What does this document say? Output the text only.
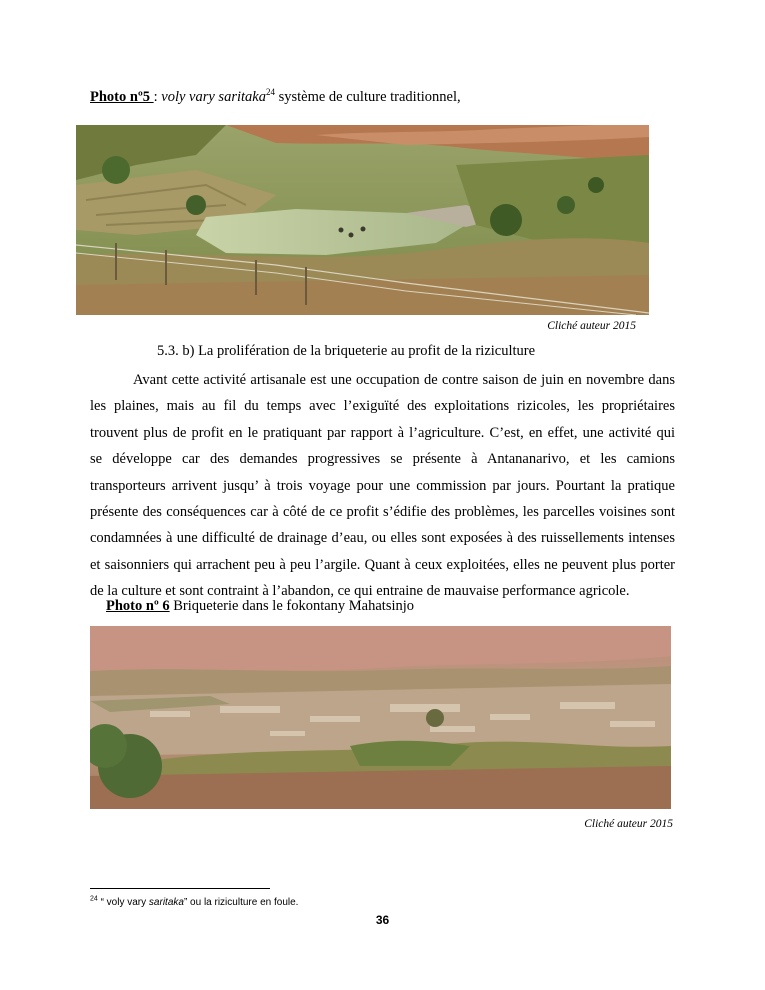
Photo nº5 : voly vary saritaka$^{24}$ système de culture traditionnel,
Cliché auteur 2015
5.3. b) La prolifération de la briqueterie au profit de la riziculture
Avant cette activité artisanale est une occupation de contre saison de juin en novembre dans
les plaines, mais au fil du temps avec l’exiguïté des exploitations rizicoles, les propriétaires
trouvent plus de profit en le pratiquant par rapport à l’agriculture. C’est, en effet, une activité qui
se développe car des demandes progressives se présente à Antananarivo, et les camions
transporteurs arrivent jusqu’ à trois voyage pour une commission par jours. Pourtant la pratique
présente des conséquences car à côté de ce profit s’édifie des problèmes, les parcelles voisines sont
condamnées à une difficulté de drainage d’eau, ou elles sont exposées à des ruissellements intenses
et saisonniers qui arrachent peu à peu l’argile. Quant à ceux exploitées, elles ne peuvent plus porter
de la culture et sont contraint à l’abandon, ce qui entraine de mauvaise performance agricole.
Photo nº 6 Briqueterie dans le fokontany Mahatsinjo
Cliché auteur 2015
$^{24}$ “ voly vary saritaka” ou la riziculture en foule.
36
